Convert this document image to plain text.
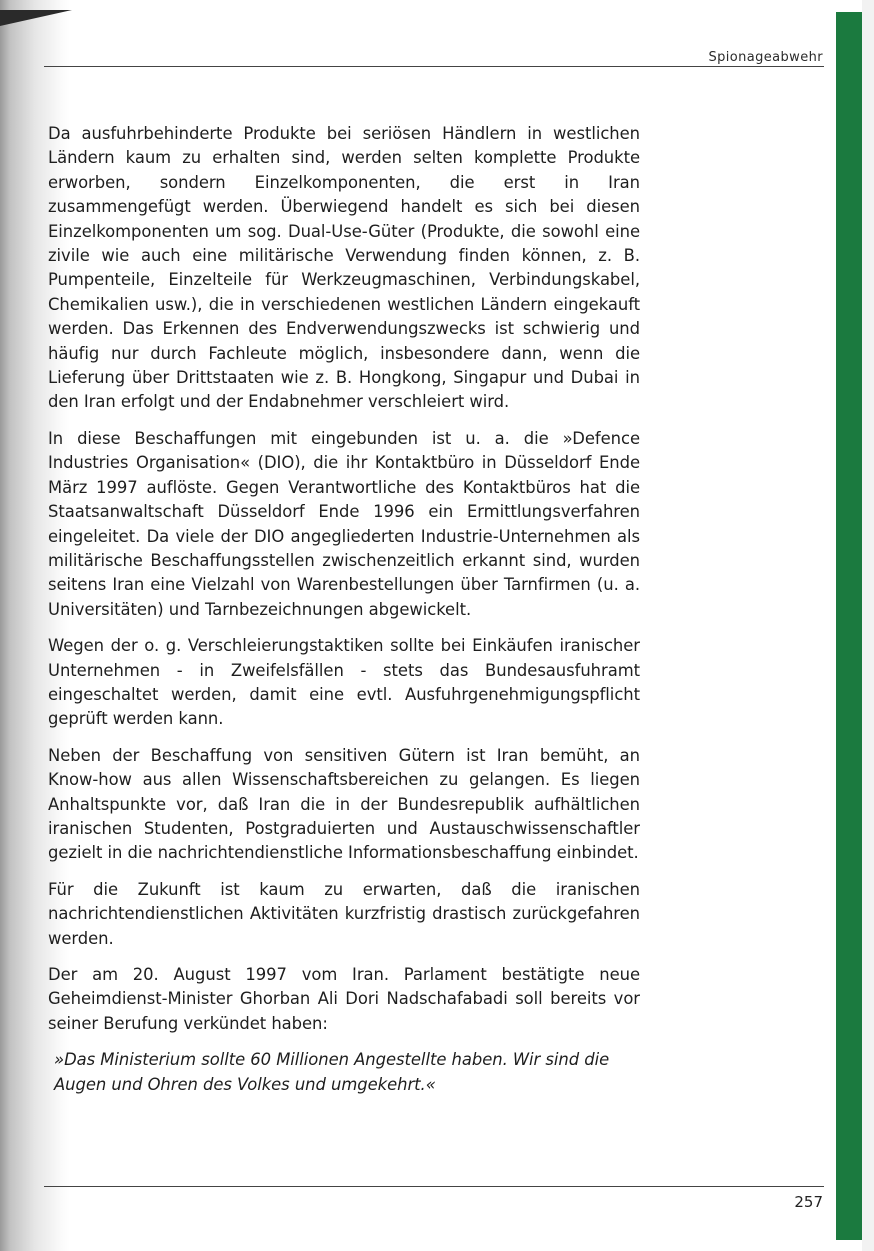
Spionageabwehr

Da ausfuhrbehinderte Produkte bei seriösen Händlern in westlichen Ländern kaum zu erhalten sind, werden selten komplette Produkte erworben, sondern Einzelkomponenten, die erst in Iran zusammengefügt werden. Überwiegend handelt es sich bei diesen Einzelkomponenten um sog. Dual-Use-Güter (Produkte, die sowohl eine zivile wie auch eine militärische Verwendung finden können, z. B. Pumpenteile, Einzelteile für Werkzeugmaschinen, Verbindungskabel, Chemikalien usw.), die in verschiedenen westlichen Ländern eingekauft werden. Das Erkennen des Endverwendungszwecks ist schwierig und häufig nur durch Fachleute möglich, insbesondere dann, wenn die Lieferung über Drittstaaten wie z. B. Hongkong, Singapur und Dubai in den Iran erfolgt und der Endabnehmer verschleiert wird.

In diese Beschaffungen mit eingebunden ist u. a. die »Defence Industries Organisation« (DIO), die ihr Kontaktbüro in Düsseldorf Ende März 1997 auflöste. Gegen Verantwortliche des Kontaktbüros hat die Staatsanwaltschaft Düsseldorf Ende 1996 ein Ermittlungsverfahren eingeleitet. Da viele der DIO angegliederten Industrie-Unternehmen als militärische Beschaffungsstellen zwischenzeitlich erkannt sind, wurden seitens Iran eine Vielzahl von Warenbestellungen über Tarnfirmen (u. a. Universitäten) und Tarnbezeichnungen abgewickelt.

Wegen der o. g. Verschleierungstaktiken sollte bei Einkäufen iranischer Unternehmen - in Zweifelsfällen - stets das Bundesausfuhramt eingeschaltet werden, damit eine evtl. Ausfuhrgenehmigungspflicht geprüft werden kann.

Neben der Beschaffung von sensitiven Gütern ist Iran bemüht, an Know-how aus allen Wissenschaftsbereichen zu gelangen. Es liegen Anhaltspunkte vor, daß Iran die in der Bundesrepublik aufhältlichen iranischen Studenten, Postgraduierten und Austauschwissenschaftler gezielt in die nachrichtendienstliche Informationsbeschaffung einbindet.

Für die Zukunft ist kaum zu erwarten, daß die iranischen nachrichtendienstlichen Aktivitäten kurzfristig drastisch zurückgefahren werden.

Der am 20. August 1997 vom Iran. Parlament bestätigte neue Geheimdienst-Minister Ghorban Ali Dori Nadschafabadi soll bereits vor seiner Berufung verkündet haben:

»Das Ministerium sollte 60 Millionen Angestellte haben. Wir sind die Augen und Ohren des Volkes und umgekehrt.«

257
